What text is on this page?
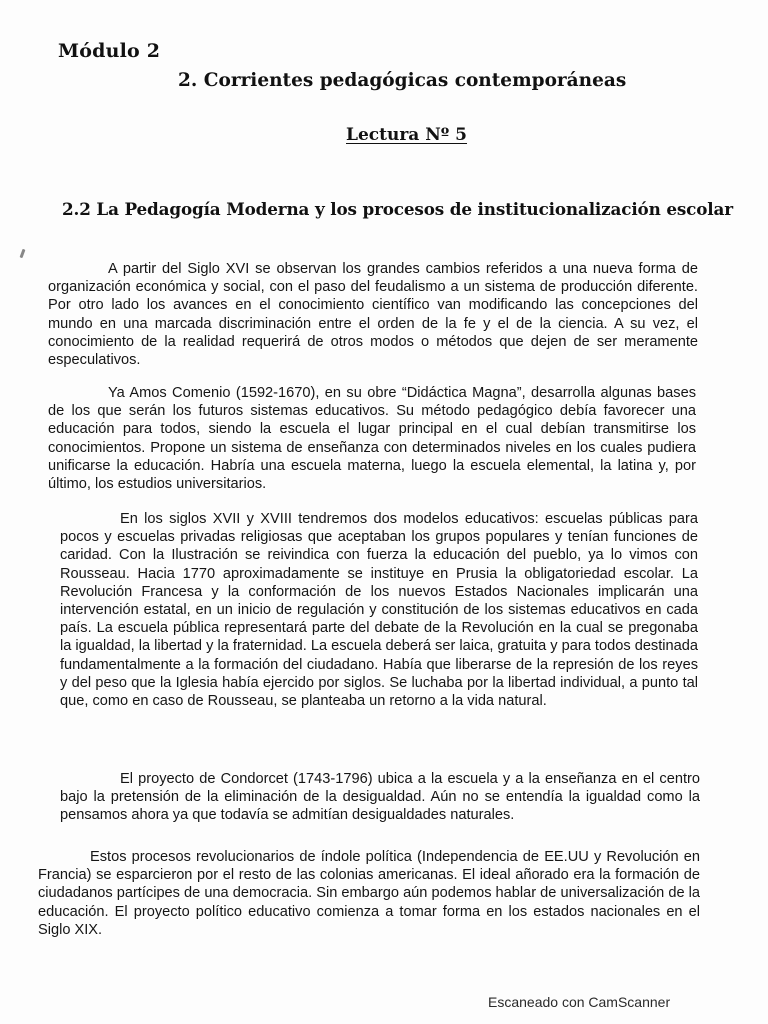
Módulo 2
2. Corrientes pedagógicas contemporáneas
Lectura Nº 5
2.2 La Pedagogía Moderna y los procesos de institucionalización escolar

A partir del Siglo XVI se observan los grandes cambios referidos a una nueva forma de organización económica y social, con el paso del feudalismo a un sistema de producción diferente. Por otro lado los avances en el conocimiento científico van modificando las concepciones del mundo en una marcada discriminación entre el orden de la fe y el de la ciencia. A su vez, el conocimiento de la realidad requerirá de otros modos o métodos que dejen de ser meramente especulativos.

Ya Amos Comenio (1592-1670), en su obre “Didáctica Magna”, desarrolla algunas bases de los que serán los futuros sistemas educativos. Su método pedagógico debía favorecer una educación para todos, siendo la escuela el lugar principal en el cual debían transmitirse los conocimientos. Propone un sistema de enseñanza con determinados niveles en los cuales pudiera unificarse la educación. Habría una escuela materna, luego la escuela elemental, la latina y, por último, los estudios universitarios.

En los siglos XVII y XVIII tendremos dos modelos educativos: escuelas públicas para pocos y escuelas privadas religiosas que aceptaban los grupos populares y tenían funciones de caridad. Con la Ilustración se reivindica con fuerza la educación del pueblo, ya lo vimos con Rousseau. Hacia 1770 aproximadamente se instituye en Prusia la obligatoriedad escolar. La Revolución Francesa y la conformación de los nuevos Estados Nacionales implicarán una intervención estatal, en un inicio de regulación y constitución de los sistemas educativos en cada país. La escuela pública representará parte del debate de la Revolución en la cual se pregonaba la igualdad, la libertad y la fraternidad. La escuela deberá ser laica, gratuita y para todos destinada fundamentalmente a la formación del ciudadano. Había que liberarse de la represión de los reyes y del peso que la Iglesia había ejercido por siglos. Se luchaba por la libertad individual, a punto tal que, como en caso de Rousseau, se planteaba un retorno a la vida natural.

El proyecto de Condorcet (1743-1796) ubica a la escuela y a la enseñanza en el centro bajo la pretensión de la eliminación de la desigualdad. Aún no se entendía la igualdad como la pensamos ahora ya que todavía se admitían desigualdades naturales.

Estos procesos revolucionarios de índole política (Independencia de EE.UU y Revolución en Francia) se esparcieron por el resto de las colonias americanas. El ideal añorado era la formación de ciudadanos partícipes de una democracia. Sin embargo aún podemos hablar de universalización de la educación. El proyecto político educativo comienza a tomar forma en los estados nacionales en el Siglo XIX.

Escaneado con CamScanner
